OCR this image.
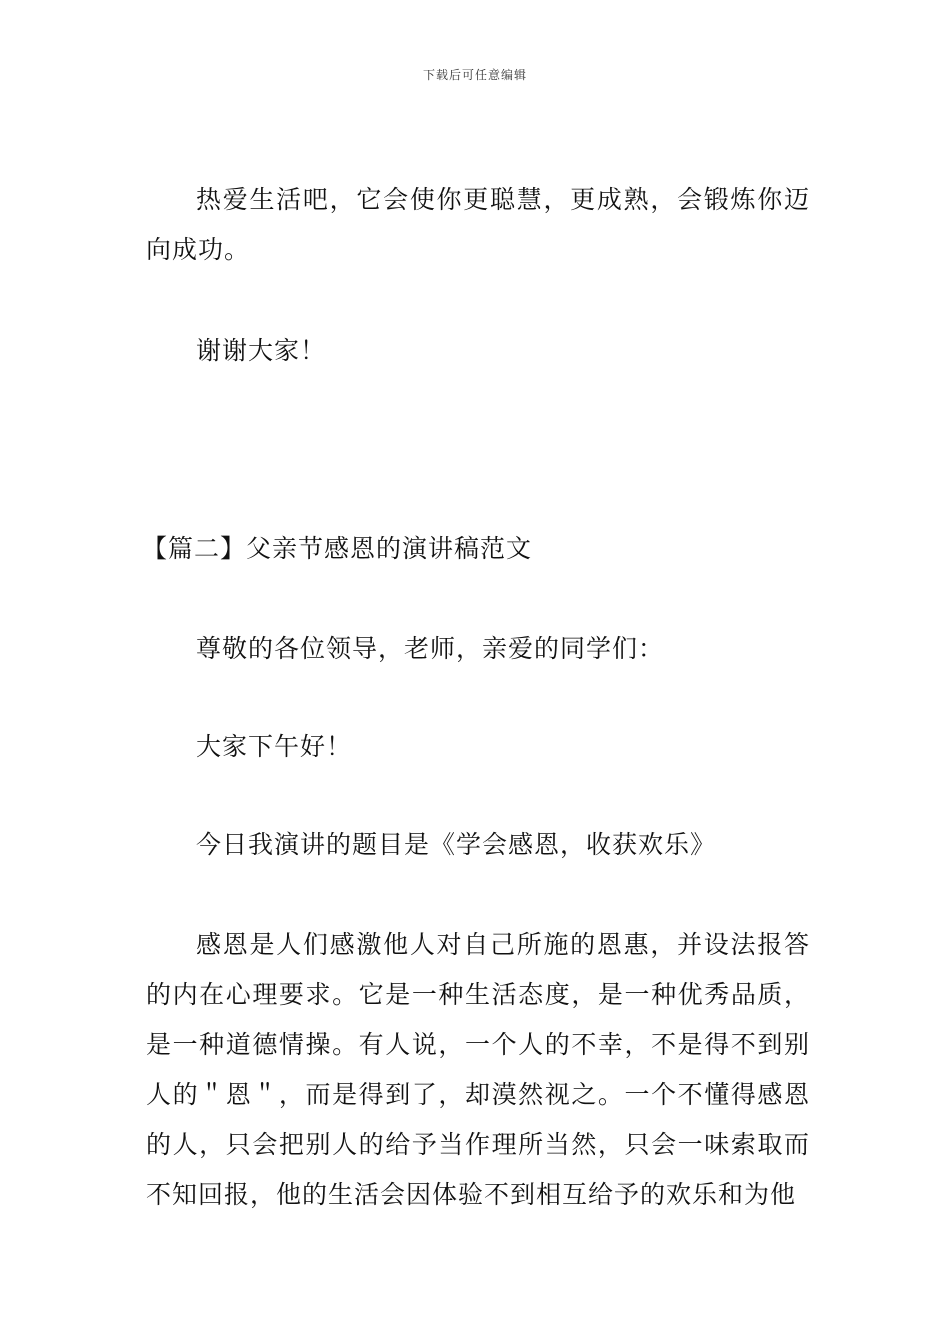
下载后可任意编辑

热爱生活吧，它会使你更聪慧，更成熟，会锻炼你迈向成功。

谢谢大家！

【篇二】父亲节感恩的演讲稿范文

尊敬的各位领导，老师，亲爱的同学们：

大家下午好！

今日我演讲的题目是《学会感恩，收获欢乐》

感恩是人们感激他人对自己所施的恩惠，并设法报答的内在心理要求。它是一种生活态度，是一种优秀品质，是一种道德情操。有人说，一个人的不幸，不是得不到别人的＂恩＂，而是得到了，却漠然视之。一个不懂得感恩的人，只会把别人的给予当作理所当然，只会一味索取而不知回报，他的生活会因体验不到相互给予的欢乐和为他
